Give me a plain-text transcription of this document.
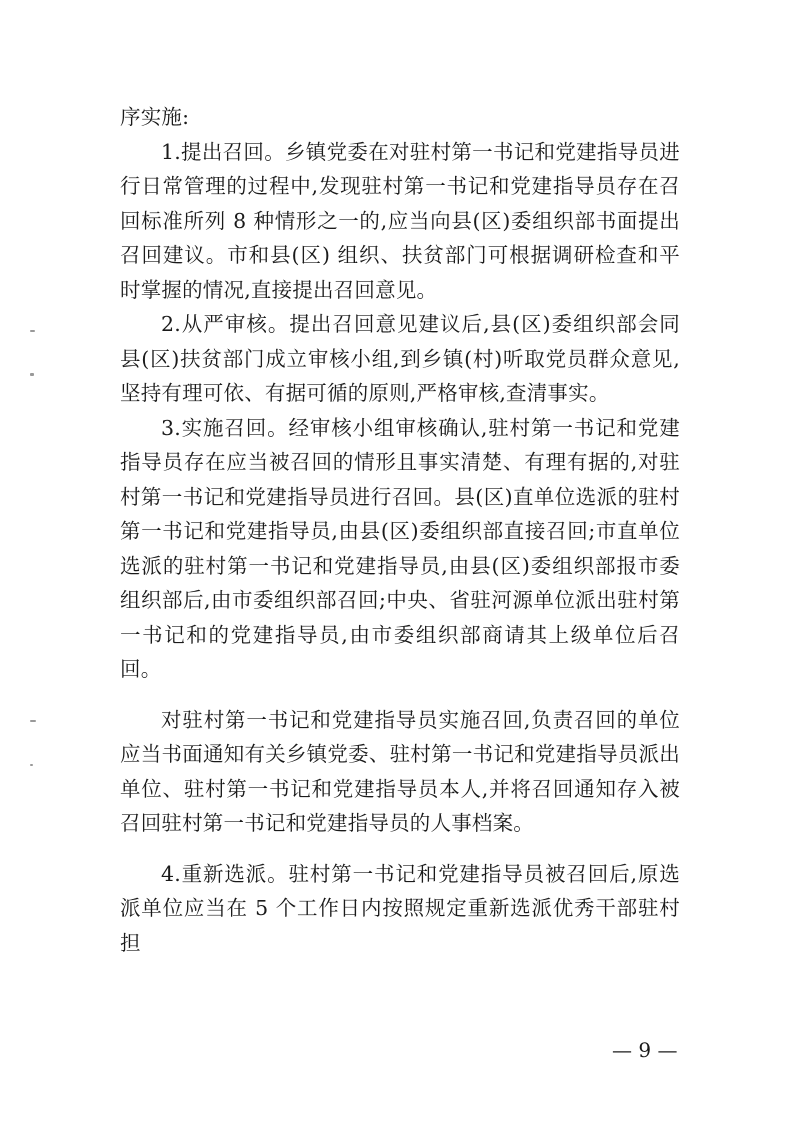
序实施:

1.提出召回。乡镇党委在对驻村第一书记和党建指导员进行日常管理的过程中,发现驻村第一书记和党建指导员存在召回标准所列 8 种情形之一的,应当向县(区)委组织部书面提出召回建议。市和县(区) 组织、扶贫部门可根据调研检查和平时掌握的情况,直接提出召回意见。

2.从严审核。提出召回意见建议后,县(区)委组织部会同县(区)扶贫部门成立审核小组,到乡镇(村)听取党员群众意见,坚持有理可依、有据可循的原则,严格审核,查清事实。

3.实施召回。经审核小组审核确认,驻村第一书记和党建指导员存在应当被召回的情形且事实清楚、有理有据的,对驻村第一书记和党建指导员进行召回。县(区)直单位选派的驻村第一书记和党建指导员,由县(区)委组织部直接召回;市直单位选派的驻村第一书记和党建指导员,由县(区)委组织部报市委组织部后,由市委组织部召回;中央、省驻河源单位派出驻村第一书记和的党建指导员,由市委组织部商请其上级单位后召回。

对驻村第一书记和党建指导员实施召回,负责召回的单位应当书面通知有关乡镇党委、驻村第一书记和党建指导员派出单位、驻村第一书记和党建指导员本人,并将召回通知存入被召回驻村第一书记和党建指导员的人事档案。

4.重新选派。驻村第一书记和党建指导员被召回后,原选派单位应当在 5 个工作日内按照规定重新选派优秀干部驻村担

— 9 —
